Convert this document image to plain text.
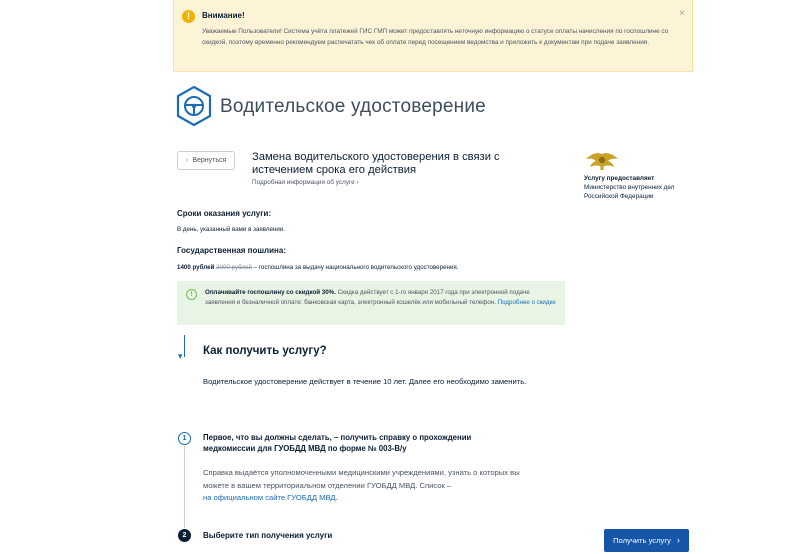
!	Внимание!
Уважаемые Пользователи! Система учёта платежей ГИС ГМП может предоставлять неточную информацию о статусе оплаты начисления по госпошлине со скидкой, поэтому временно рекомендуем распечатать чек об оплате перед посещением ведомства и приложить к документам при подаче заявления.
×
Водительское удостоверение
‹ Вернуться	Замена водительского удостоверения в связи с истечением срока его действия
Подробная информация об услуге ›
Услугу предоставляет
Министерство внутренних дел Российской Федерации
Сроки оказания услуги:
В день, указанный вами в заявлении.
Государственная пошлина:
1400 рублей 2000 рублей – госпошлина за выдачу национального водительского удостоверения.
!	Оплачивайте госпошлину со скидкой 30%. Скидка действует с 1-го января 2017 года при электронной подаче заявления и безналичной оплате: банковская карта, электронный кошелёк или мобильный телефон. Подробнее о скидке
▾ Как получить услугу?
Водительское удостоверение действует в течение 10 лет. Далее его необходимо заменить.
1	Первое, что вы должны сделать, – получить справку о прохождении медкомиссии для ГУОБДД МВД по форме № 003-В/у
Справка выдаётся уполномоченными медицинскими учреждениями, узнать о которых вы можете в вашем территориальном отделении ГУОБДД МВД. Список –
на официальном сайте ГУОБДД МВД.
2	Выберите тип получения услуги
Получить услугу ›
